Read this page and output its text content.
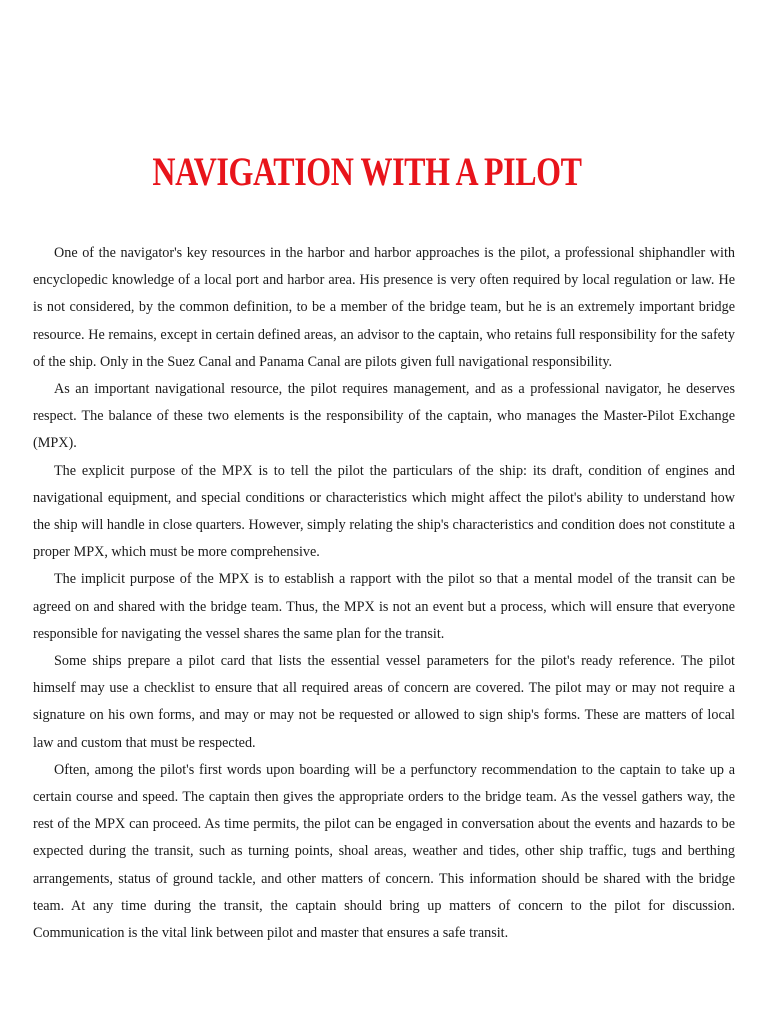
NAVIGATION WITH A PILOT

One of the navigator's key resources in the harbor and harbor approaches is the pilot, a professional shiphandler with encyclopedic knowledge of a local port and harbor area. His presence is very often required by local regulation or law. He is not considered, by the common definition, to be a member of the bridge team, but he is an extremely important bridge resource. He remains, except in certain defined areas, an advisor to the captain, who retains full responsibility for the safety of the ship. Only in the Suez Canal and Panama Canal are pilots given full navigational responsibility.

As an important navigational resource, the pilot requires management, and as a professional navigator, he deserves respect. The balance of these two elements is the responsibility of the captain, who manages the Master-Pilot Exchange (MPX).

The explicit purpose of the MPX is to tell the pilot the particulars of the ship: its draft, condition of engines and navigational equipment, and special conditions or characteristics which might affect the pilot's ability to understand how the ship will handle in close quarters. However, simply relating the ship's characteristics and condition does not constitute a proper MPX, which must be more comprehensive.

The implicit purpose of the MPX is to establish a rapport with the pilot so that a mental model of the transit can be agreed on and shared with the bridge team. Thus, the MPX is not an event but a process, which will ensure that everyone responsible for navigating the vessel shares the same plan for the transit.

Some ships prepare a pilot card that lists the essential vessel parameters for the pilot's ready reference. The pilot himself may use a checklist to ensure that all required areas of concern are covered. The pilot may or may not require a signature on his own forms, and may or may not be requested or allowed to sign ship's forms. These are matters of local law and custom that must be respected.

Often, among the pilot's first words upon boarding will be a perfunctory recommendation to the captain to take up a certain course and speed. The captain then gives the appropriate orders to the bridge team. As the vessel gathers way, the rest of the MPX can proceed. As time permits, the pilot can be engaged in conversation about the events and hazards to be expected during the transit, such as turning points, shoal areas, weather and tides, other ship traffic, tugs and berthing arrangements, status of ground tackle, and other matters of concern. This information should be shared with the bridge team. At any time during the transit, the captain should bring up matters of concern to the pilot for discussion. Communication is the vital link between pilot and master that ensures a safe transit.
